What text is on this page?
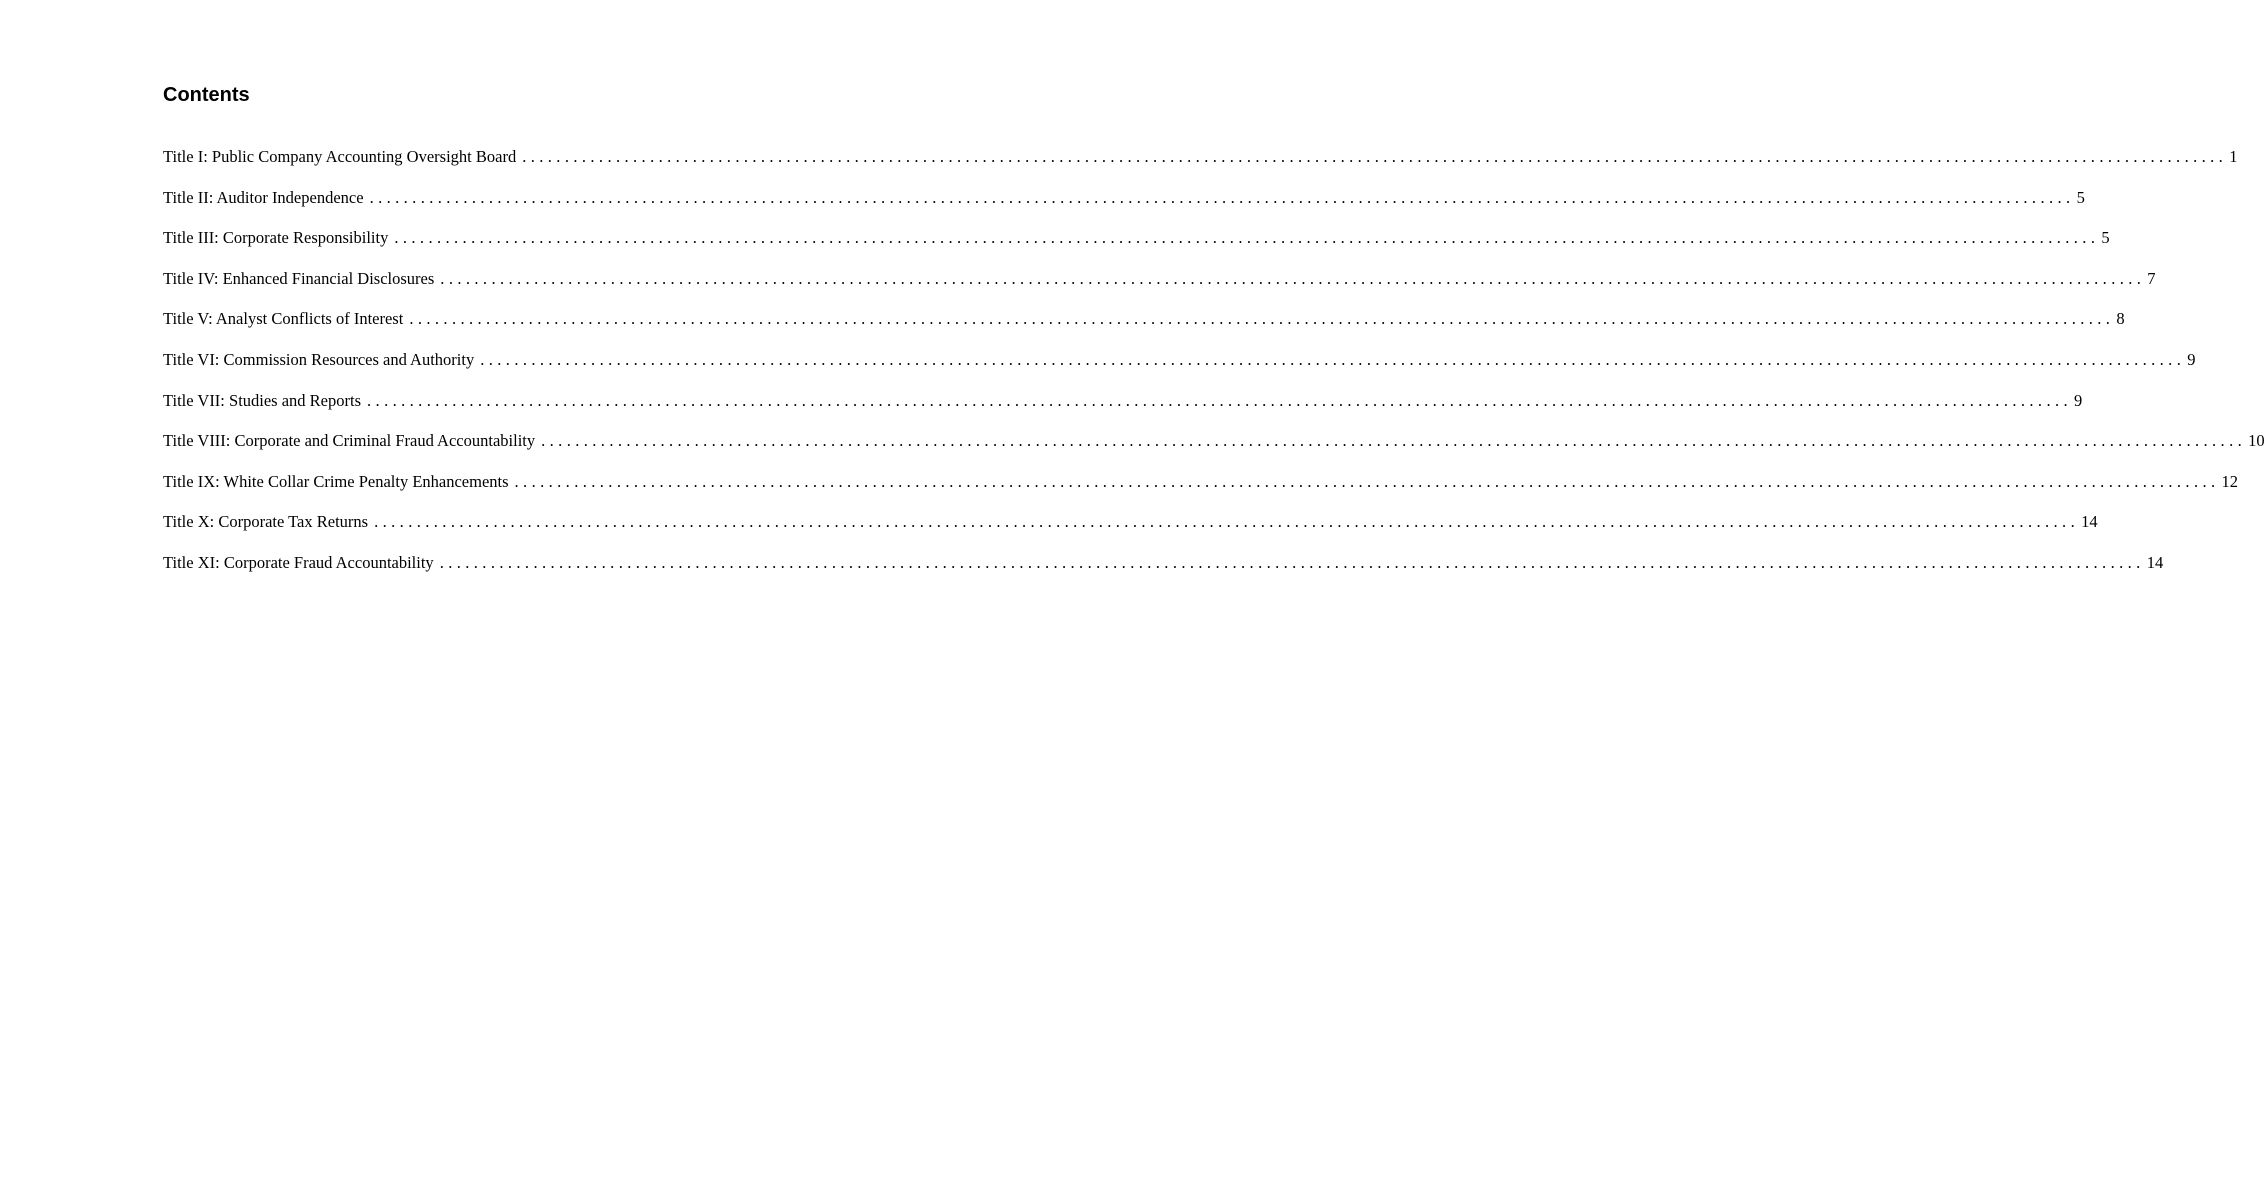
Contents
Title I: Public Company Accounting Oversight Board ........................................................................................................................................................................................................ 1
Title II: Auditor Independence ........................................................................................................................................................................................................ 5
Title III: Corporate Responsibility ........................................................................................................................................................................................................ 5
Title IV: Enhanced Financial Disclosures ........................................................................................................................................................................................................ 7
Title V: Analyst Conflicts of Interest ........................................................................................................................................................................................................ 8
Title VI: Commission Resources and Authority ........................................................................................................................................................................................................ 9
Title VII: Studies and Reports ........................................................................................................................................................................................................ 9
Title VIII: Corporate and Criminal Fraud Accountability ........................................................................................................................................................................................................ 10
Title IX: White Collar Crime Penalty Enhancements ........................................................................................................................................................................................................ 12
Title X: Corporate Tax Returns ........................................................................................................................................................................................................ 14
Title XI: Corporate Fraud Accountability ........................................................................................................................................................................................................ 14
